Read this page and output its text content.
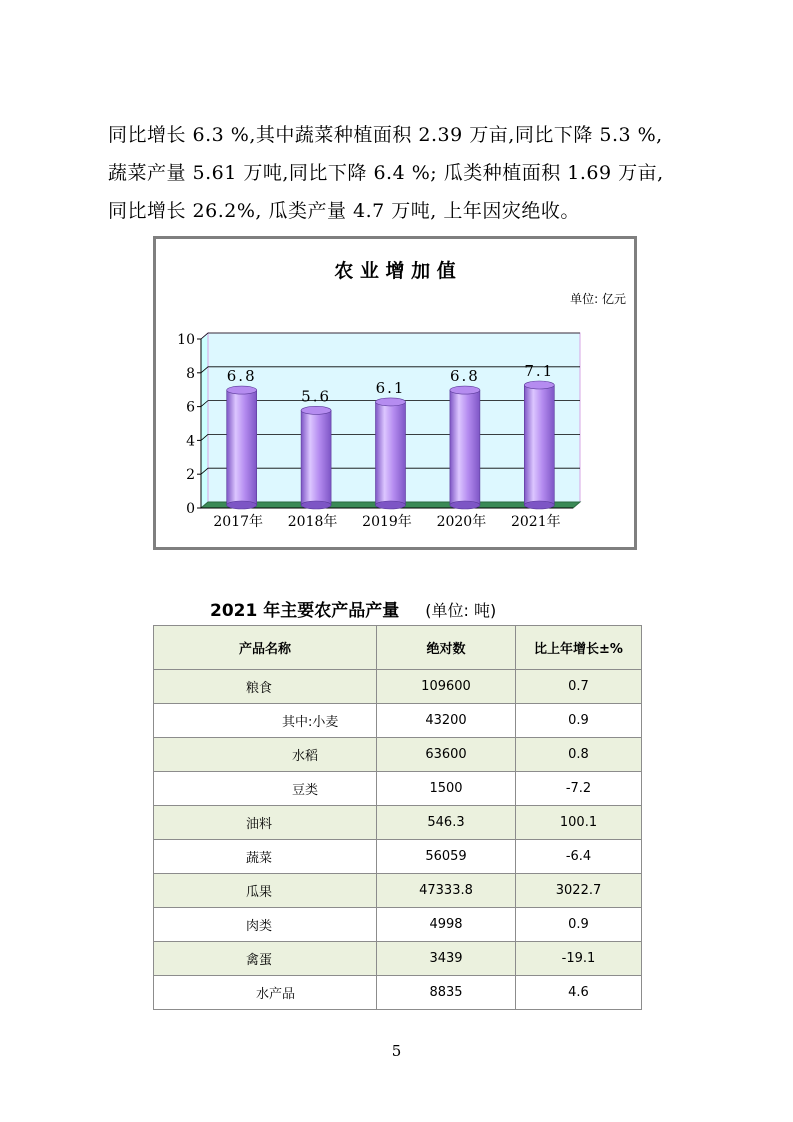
同比增长 6.3 %,其中蔬菜种植面积 2.39 万亩,同比下降 5.3 %,
蔬菜产量 5.61 万吨,同比下降 6.4 %; 瓜类种植面积 1.69 万亩,
同比增长 26.2%, 瓜类产量 4.7 万吨, 上年因灾绝收。
农 业 增 加 值
单位: 亿元
0
2
4
6
8
10
6.8
2017年
5.6
2018年
6.1
2019年
6.8
2020年
7.1
2021年
2021 年主要农产品产量 (单位: 吨)
产品名称	绝对数	比上年增长±%
粮食	109600	0.7
其中:小麦	43200	0.9
水稻	63600	0.8
豆类	1500	-7.2
油料	546.3	100.1
蔬菜	56059	-6.4
瓜果	47333.8	3022.7
肉类	4998	0.9
禽蛋	3439	-19.1
水产品	8835	4.6
5
